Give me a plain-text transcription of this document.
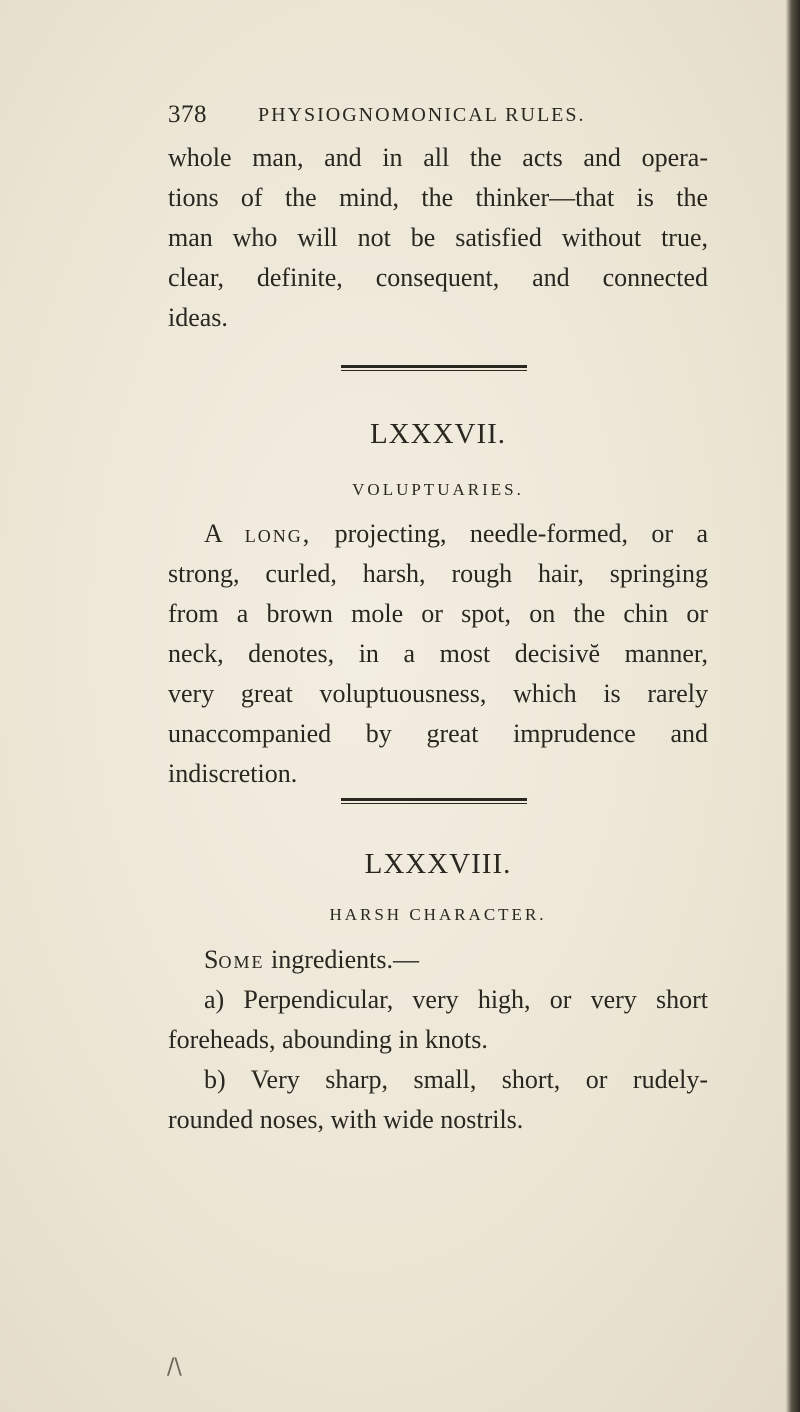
378	PHYSIOGNOMONICAL RULES.
whole man, and in all the acts and opera-
tions of the mind, the thinker—that is the
man who will not be satisfied without true,
clear, definite, consequent, and connected
ideas.
LXXXVII.
VOLUPTUARIES.
A long, projecting, needle-formed, or a
strong, curled, harsh, rough hair, springing
from a brown mole or spot, on the chin or
neck, denotes, in a most decisivĕ manner,
very great voluptuousness, which is rarely
unaccompanied by great imprudence and
indiscretion.
LXXXVIII.
HARSH CHARACTER.
Some ingredients.—
a) Perpendicular, very high, or very short
foreheads, abounding in knots.
b) Very sharp, small, short, or rudely-
rounded noses, with wide nostrils.
/\
